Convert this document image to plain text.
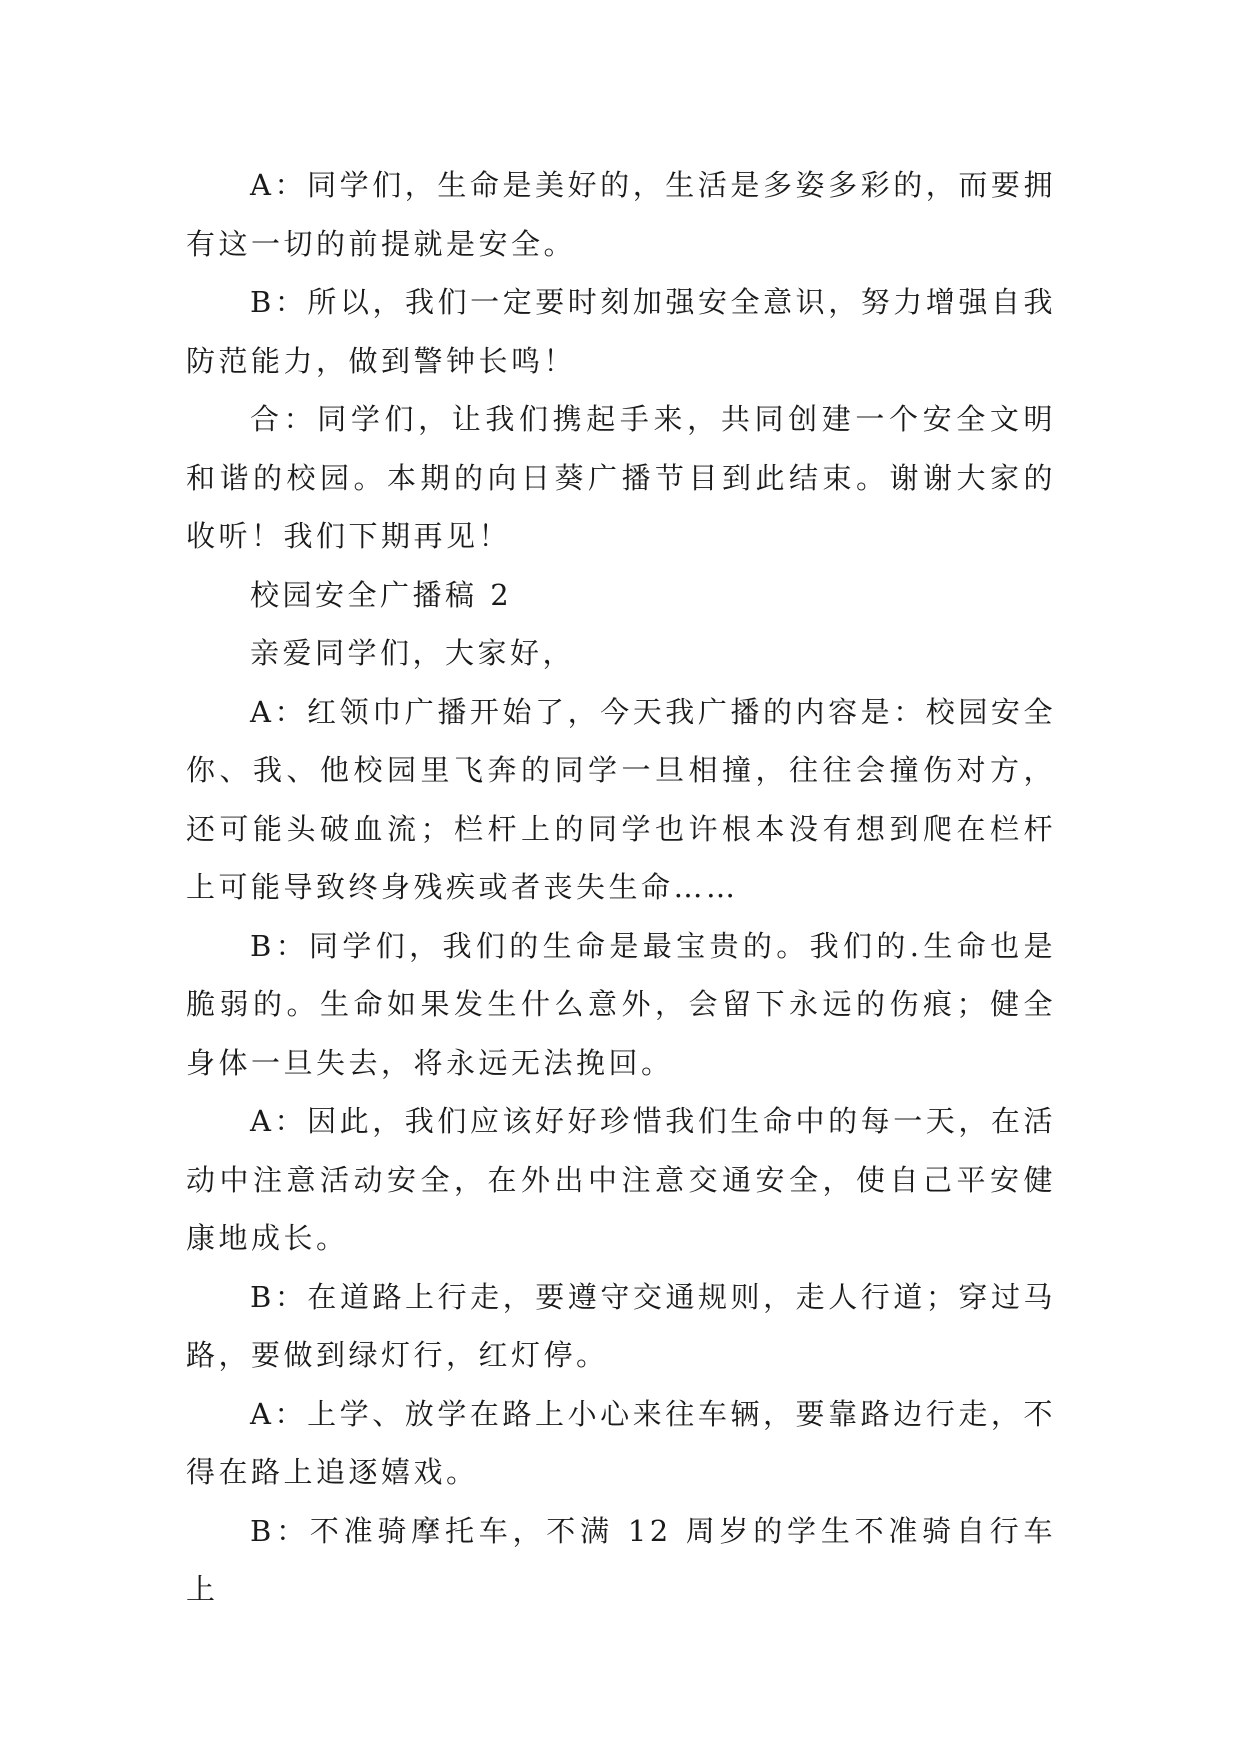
A：同学们，生命是美好的，生活是多姿多彩的，而要拥有这一切的前提就是安全。

B：所以，我们一定要时刻加强安全意识，努力增强自我防范能力，做到警钟长鸣！

合：同学们，让我们携起手来，共同创建一个安全文明和谐的校园。本期的向日葵广播节目到此结束。谢谢大家的收听！我们下期再见！

校园安全广播稿 2

亲爱同学们，大家好，

A：红领巾广播开始了，今天我广播的内容是：校园安全你、我、他校园里飞奔的同学一旦相撞，往往会撞伤对方，还可能头破血流；栏杆上的同学也许根本没有想到爬在栏杆上可能导致终身残疾或者丧失生命……

B：同学们，我们的生命是最宝贵的。我们的.生命也是脆弱的。生命如果发生什么意外，会留下永远的伤痕；健全身体一旦失去，将永远无法挽回。

A：因此，我们应该好好珍惜我们生命中的每一天，在活动中注意活动安全，在外出中注意交通安全，使自己平安健康地成长。

B：在道路上行走，要遵守交通规则，走人行道；穿过马路，要做到绿灯行，红灯停。

A：上学、放学在路上小心来往车辆，要靠路边行走，不得在路上追逐嬉戏。

B：不准骑摩托车，不满 12 周岁的学生不准骑自行车上
